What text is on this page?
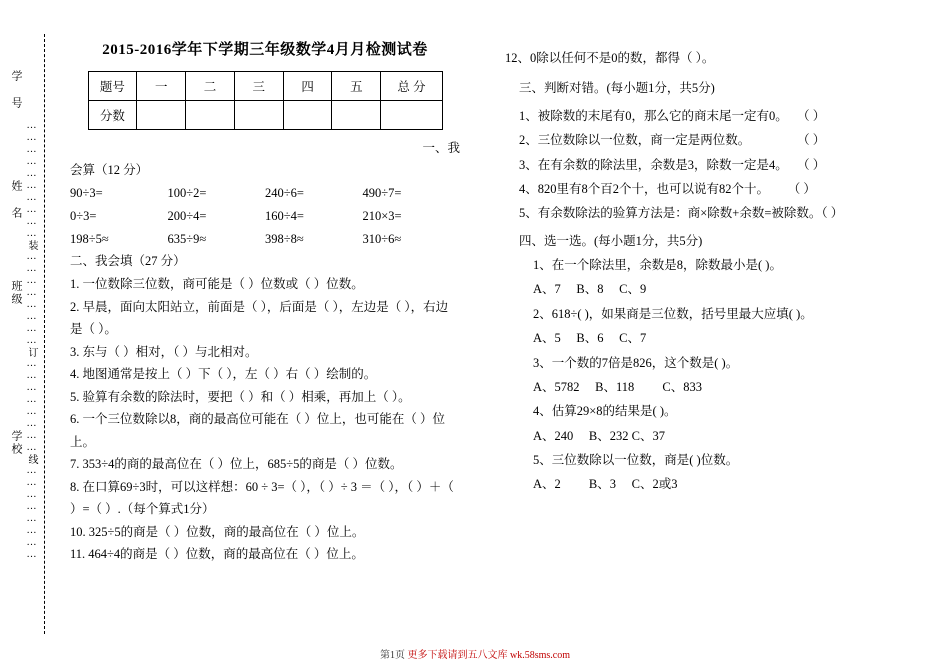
学 号
姓 名
班级
学校 …………………………装……………………订……………………线……………………
2015-2016学年下学期三年级数学4月月检测试卷
题号	一	二	三	四	五	总 分
分数						
一、我
会算（12 分）
90÷3=	100÷2=	240÷6=	490÷7=
0÷3=	200÷4=	160÷4=	210×3=
198÷5≈	635÷9≈	398÷8≈	310÷6≈
二、我会填（27 分）

1. 一位数除三位数，商可能是（ ）位数或（ ）位数。

2. 早晨，面向太阳站立，前面是（ ），后面是（ ），左边是（ ），右边是（ ）。

3. 东与（ ）相对，（ ）与北相对。

4. 地图通常是按上（ ）下（ ），左（ ）右（ ）绘制的。

5. 验算有余数的除法时，要把（ ）和（ ）相乘，再加上（ ）。

6. 一个三位数除以8，商的最高位可能在（ ）位上，也可能在（ ）位上。

7. 353÷4的商的最高位在（ ）位上，685÷5的商是（ ）位数。

8. 在口算69÷3时，可以这样想：60 ÷ 3=（ ），（ ）÷ 3 ＝（ ），（ ）＋（ ）=（ ）.（每个算式1分）

10. 325÷5的商是（ ）位数，商的最高位在（ ）位上。

11. 464÷4的商是（ ）位数，商的最高位在（ ）位上。

12、0除以任何不是0的数，都得（ ）。

三、判断对错。(每小题1分，共5分)

1、被除数的末尾有0，那么它的商末尾一定有0。 　（ ）

2、三位数除以一位数，商一定是两位数。 　　　　（ ）

3、在有余数的除法里，余数是3，除数一定是4。 　（ ）

4、820里有8个百2个十，也可以说有82个十。 　 （ ）

5、有余数除法的验算方法是：商×除数+余数=被除数。（ ）

四、选一选。(每小题1分，共5分)

1、在一个除法里，余数是8，除数最小是( )。

A、7　 B、8　 C、9

2、618÷( )，如果商是三位数，括号里最大应填( )。

A、5　 B、6　 C、7

3、一个数的7倍是826，这个数是( )。

A、5782　 B、118　　 C、833

4、估算29×8的结果是( )。

A、240　 B、232 C、37

5、三位数除以一位数，商是( )位数。

A、2　　 B、3　 C、2或3

第1页 更多下载请到五八文库 wk.58sms.com
